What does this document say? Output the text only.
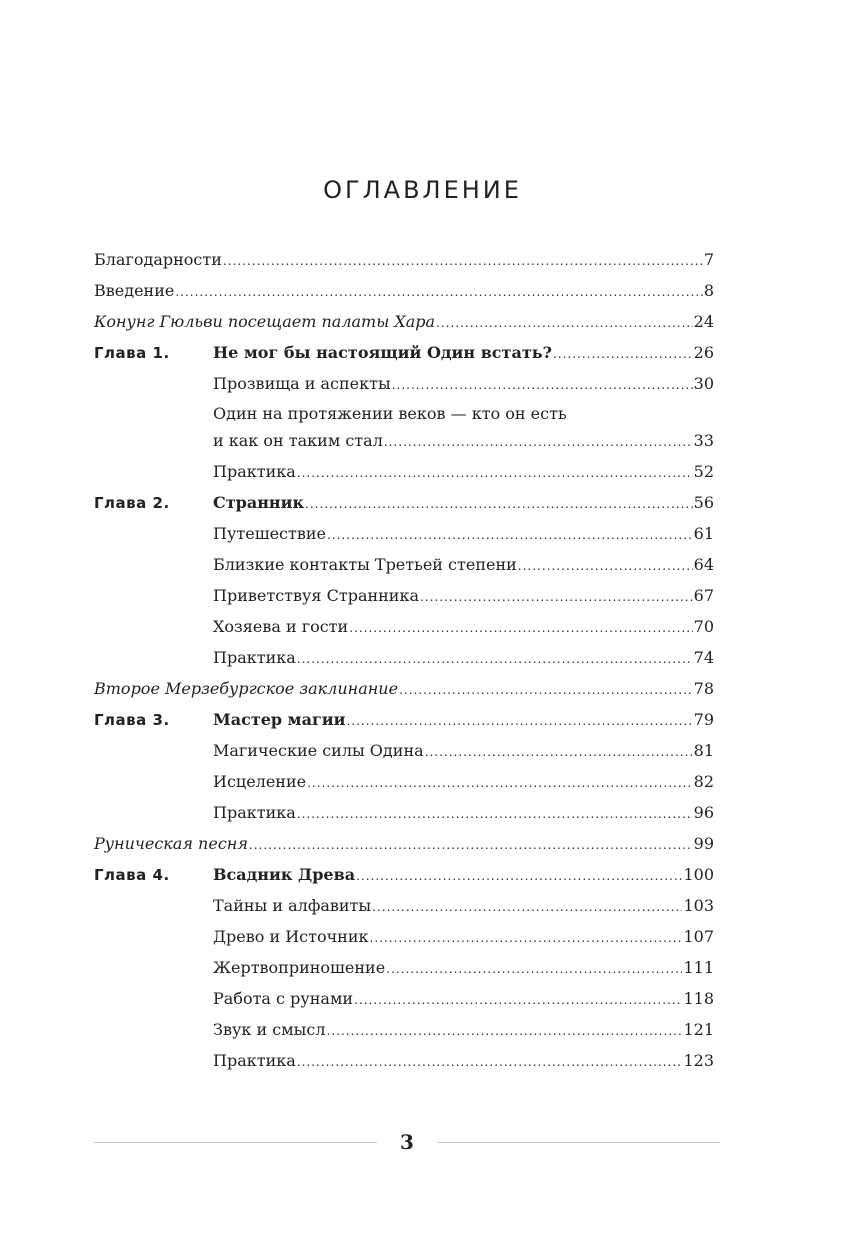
ОГЛАВЛЕНИЕ
Благодарности .....	7
Введение .....	8
Конунг Гюльви посещает палаты Хара .....	24
Глава 1.	Не мог бы настоящий Один встать? .....	26
Прозвища и аспекты .....	30
Один на протяжении веков — кто он есть
и как он таким стал .....	33
Практика .....	52
Глава 2.	Странник .....	56
Путешествие .....	61
Близкие контакты Третьей степени .....	64
Приветствуя Странника .....	67
Хозяева и гости .....	70
Практика .....	74
Второе Мерзебургское заклинание .....	78
Глава 3.	Мастер магии .....	79
Магические силы Одина .....	81
Исцеление .....	82
Практика .....	96
Руническая песня .....	99
Глава 4.	Всадник Древа .....	100
Тайны и алфавиты .....	103
Древо и Источник .....	107
Жертвоприношение .....	111
Работа с рунами .....	118
Звук и смысл .....	121
Практика .....	123
3
